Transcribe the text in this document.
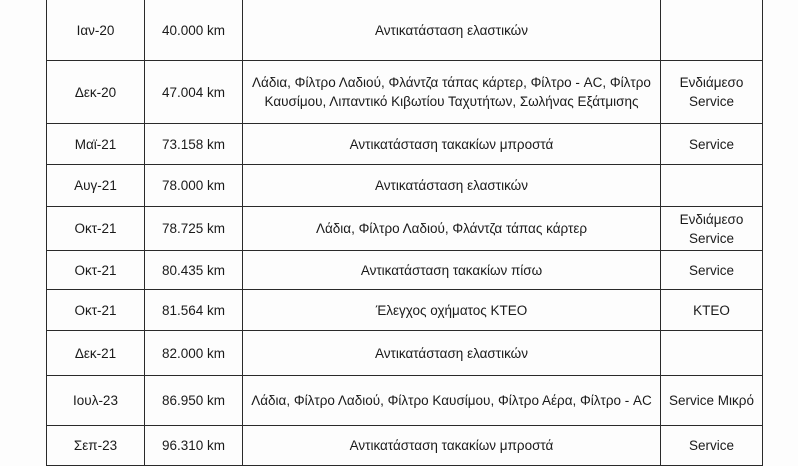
Ιαν-20	40.000 km	Αντικατάσταση ελαστικών	
Δεκ-20	47.004 km	Λάδια, Φίλτρο Λαδιού, Φλάντζα τάπας κάρτερ, Φίλτρο - AC, Φίλτρο Καυσίμου, Λιπαντικό Κιβωτίου Ταχυτήτων, Σωλήνας Εξάτμισης	Ενδιάμεσο Service
Μαϊ-21	73.158 km	Αντικατάσταση τακακίων μπροστά	Service
Αυγ-21	78.000 km	Αντικατάσταση ελαστικών	
Οκτ-21	78.725 km	Λάδια, Φίλτρο Λαδιού, Φλάντζα τάπας κάρτερ	Ενδιάμεσο Service
Οκτ-21	80.435 km	Αντικατάσταση τακακίων πίσω	Service
Οκτ-21	81.564 km	Έλεγχος οχήματος ΚΤΕΟ	ΚΤΕΟ
Δεκ-21	82.000 km	Αντικατάσταση ελαστικών	
Ιουλ-23	86.950 km	Λάδια, Φίλτρο Λαδιού, Φίλτρο Καυσίμου, Φίλτρο Αέρα, Φίλτρο - AC	Service Μικρό
Σεπ-23	96.310 km	Αντικατάσταση τακακίων μπροστά	Service
